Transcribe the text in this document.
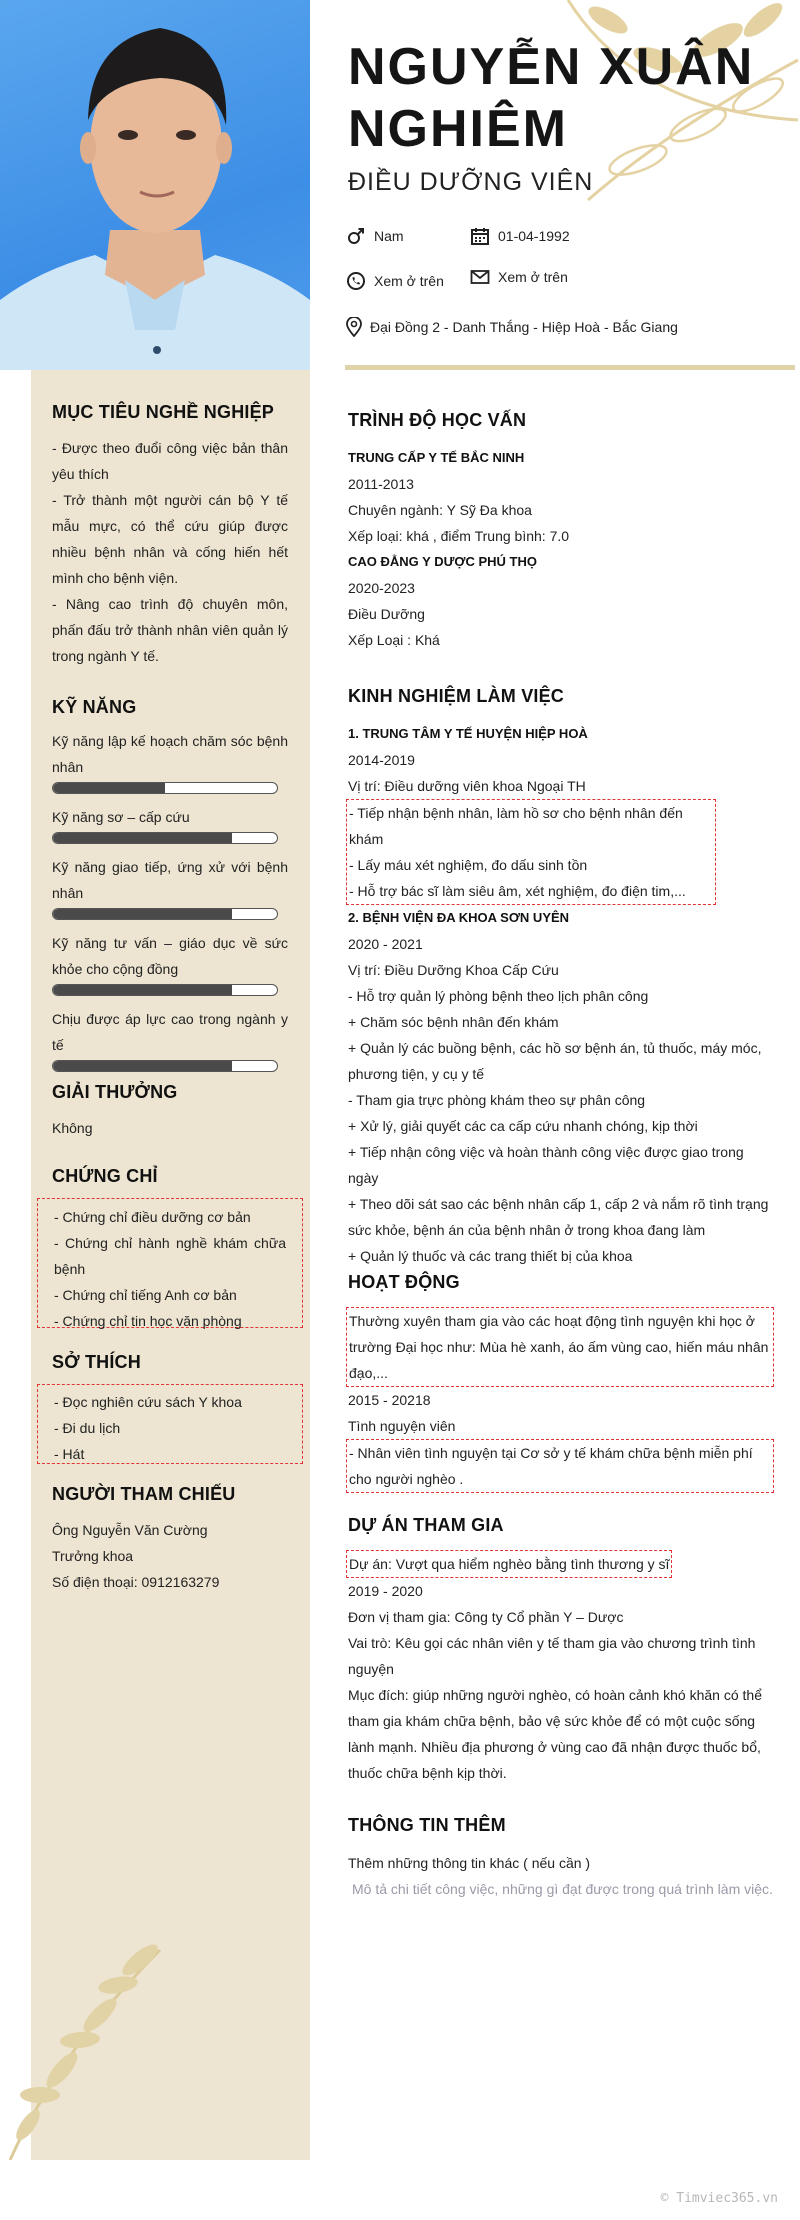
NGUYỄN XUÂN NGHIÊM
ĐIỀU DƯỠNG VIÊN
Nam	01-04-1992
Xem ở trên	Xem ở trên
Đại Đồng 2 - Danh Thắng - Hiệp Hoà - Bắc Giang
MỤC TIÊU NGHỀ NGHIỆP
- Được theo đuổi công việc bản thân yêu thích
- Trở thành một người cán bộ Y tế mẫu mực, có thể cứu giúp được nhiều bệnh nhân và cống hiến hết mình cho bệnh viện.
- Nâng cao trình độ chuyên môn, phấn đấu trở thành nhân viên quản lý trong ngành Y tế.
KỸ NĂNG
Kỹ năng lập kế hoạch chăm sóc bệnh nhân
Kỹ năng sơ – cấp cứu
Kỹ năng giao tiếp, ứng xử với bệnh nhân
Kỹ năng tư vấn – giáo dục về sức khỏe cho cộng đồng
Chịu được áp lực cao trong ngành y tế
GIẢI THƯỞNG
Không
CHỨNG CHỈ
- Chứng chỉ điều dưỡng cơ bản
- Chứng chỉ hành nghề khám chữa bệnh
- Chứng chỉ tiếng Anh cơ bản
- Chứng chỉ tin học văn phòng
SỞ THÍCH
- Đọc nghiên cứu sách Y khoa
- Đi du lịch
- Hát
NGƯỜI THAM CHIẾU
Ông Nguyễn Văn Cường
Trưởng khoa
Số điện thoại: 0912163279
TRÌNH ĐỘ HỌC VẤN
TRUNG CẤP Y TẾ BẮC NINH
2011-2013
Chuyên ngành: Y Sỹ Đa khoa
Xếp loại: khá , điểm Trung bình: 7.0
CAO ĐẲNG Y DƯỢC PHÚ THỌ
2020-2023
Điều Dưỡng
Xếp Loại : Khá
KINH NGHIỆM LÀM VIỆC
1. TRUNG TÂM Y TẾ HUYỆN HIỆP HOÀ
2014-2019
Vị trí: Điều dưỡng viên khoa Ngoại TH
- Tiếp nhận bệnh nhân, làm hồ sơ cho bệnh nhân đến khám
- Lấy máu xét nghiệm, đo dấu sinh tồn
- Hỗ trợ bác sĩ làm siêu âm, xét nghiệm, đo điện tim,...
2. BỆNH VIỆN ĐA KHOA SƠN UYÊN
2020 - 2021
Vị trí: Điều Dưỡng Khoa Cấp Cứu
- Hỗ trợ quản lý phòng bệnh theo lịch phân công
+ Chăm sóc bệnh nhân đến khám
+ Quản lý các buồng bệnh, các hồ sơ bệnh án, tủ thuốc, máy móc, phương tiện, y cụ y tế
- Tham gia trực phòng khám theo sự phân công
+ Xử lý, giải quyết các ca cấp cứu nhanh chóng, kịp thời
+ Tiếp nhận công việc và hoàn thành công việc được giao trong ngày
+ Theo dõi sát sao các bệnh nhân cấp 1, cấp 2 và nắm rõ tình trạng sức khỏe, bệnh án của bệnh nhân ở trong khoa đang làm
+ Quản lý thuốc và các trang thiết bị của khoa
HOẠT ĐỘNG
Thường xuyên tham gia vào các hoạt động tình nguyện khi học ở trường Đại học như: Mùa hè xanh, áo ấm vùng cao, hiến máu nhân đạo,...
2015 - 20218
Tình nguyện viên
- Nhân viên tình nguyện tại Cơ sở y tế khám chữa bệnh miễn phí cho người nghèo .
DỰ ÁN THAM GIA
Dự án: Vượt qua hiểm nghèo bằng tình thương y sĩ
2019 - 2020
Đơn vị tham gia: Công ty Cổ phần Y – Dược
Vai trò: Kêu gọi các nhân viên y tế tham gia vào chương trình tình nguyện
Mục đích: giúp những người nghèo, có hoàn cảnh khó khăn có thể tham gia khám chữa bệnh, bảo vệ sức khỏe để có một cuộc sống lành mạnh. Nhiều địa phương ở vùng cao đã nhận được thuốc bổ, thuốc chữa bệnh kịp thời.
THÔNG TIN THÊM
Thêm những thông tin khác ( nếu cần )
Mô tả chi tiết công việc, những gì đạt được trong quá trình làm việc.
© Timviec365.vn
